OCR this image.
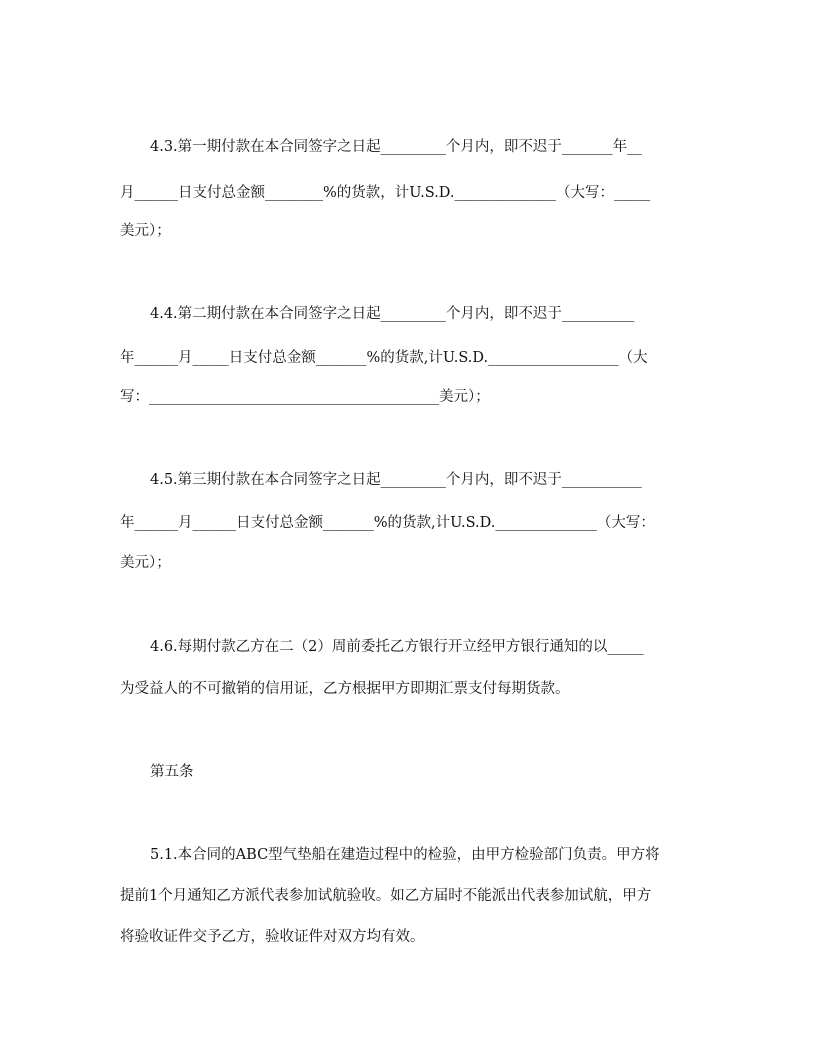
4.3.第一期付款在本合同签字之日起_________个月内，即不迟于_______年__
月______日支付总金额________%的货款，计U.S.D.______________（大写：_____
美元）；
4.4.第二期付款在本合同签字之日起_________个月内，即不迟于__________
年______月_____日支付总金额_______%的货款,计U.S.D.__________________（大
写：________________________________________美元）；
4.5.第三期付款在本合同签字之日起_________个月内，即不迟于___________
年______月______日支付总金额_______%的货款,计U.S.D.______________（大写：
美元）；
4.6.每期付款乙方在二（2）周前委托乙方银行开立经甲方银行通知的以_____
为受益人的不可撤销的信用证，乙方根据甲方即期汇票支付每期货款。
第五条
5.1.本合同的ABC型气垫船在建造过程中的检验，由甲方检验部门负责。甲方将
提前1个月通知乙方派代表参加试航验收。如乙方届时不能派出代表参加试航，甲方
将验收证件交予乙方，验收证件对双方均有效。
